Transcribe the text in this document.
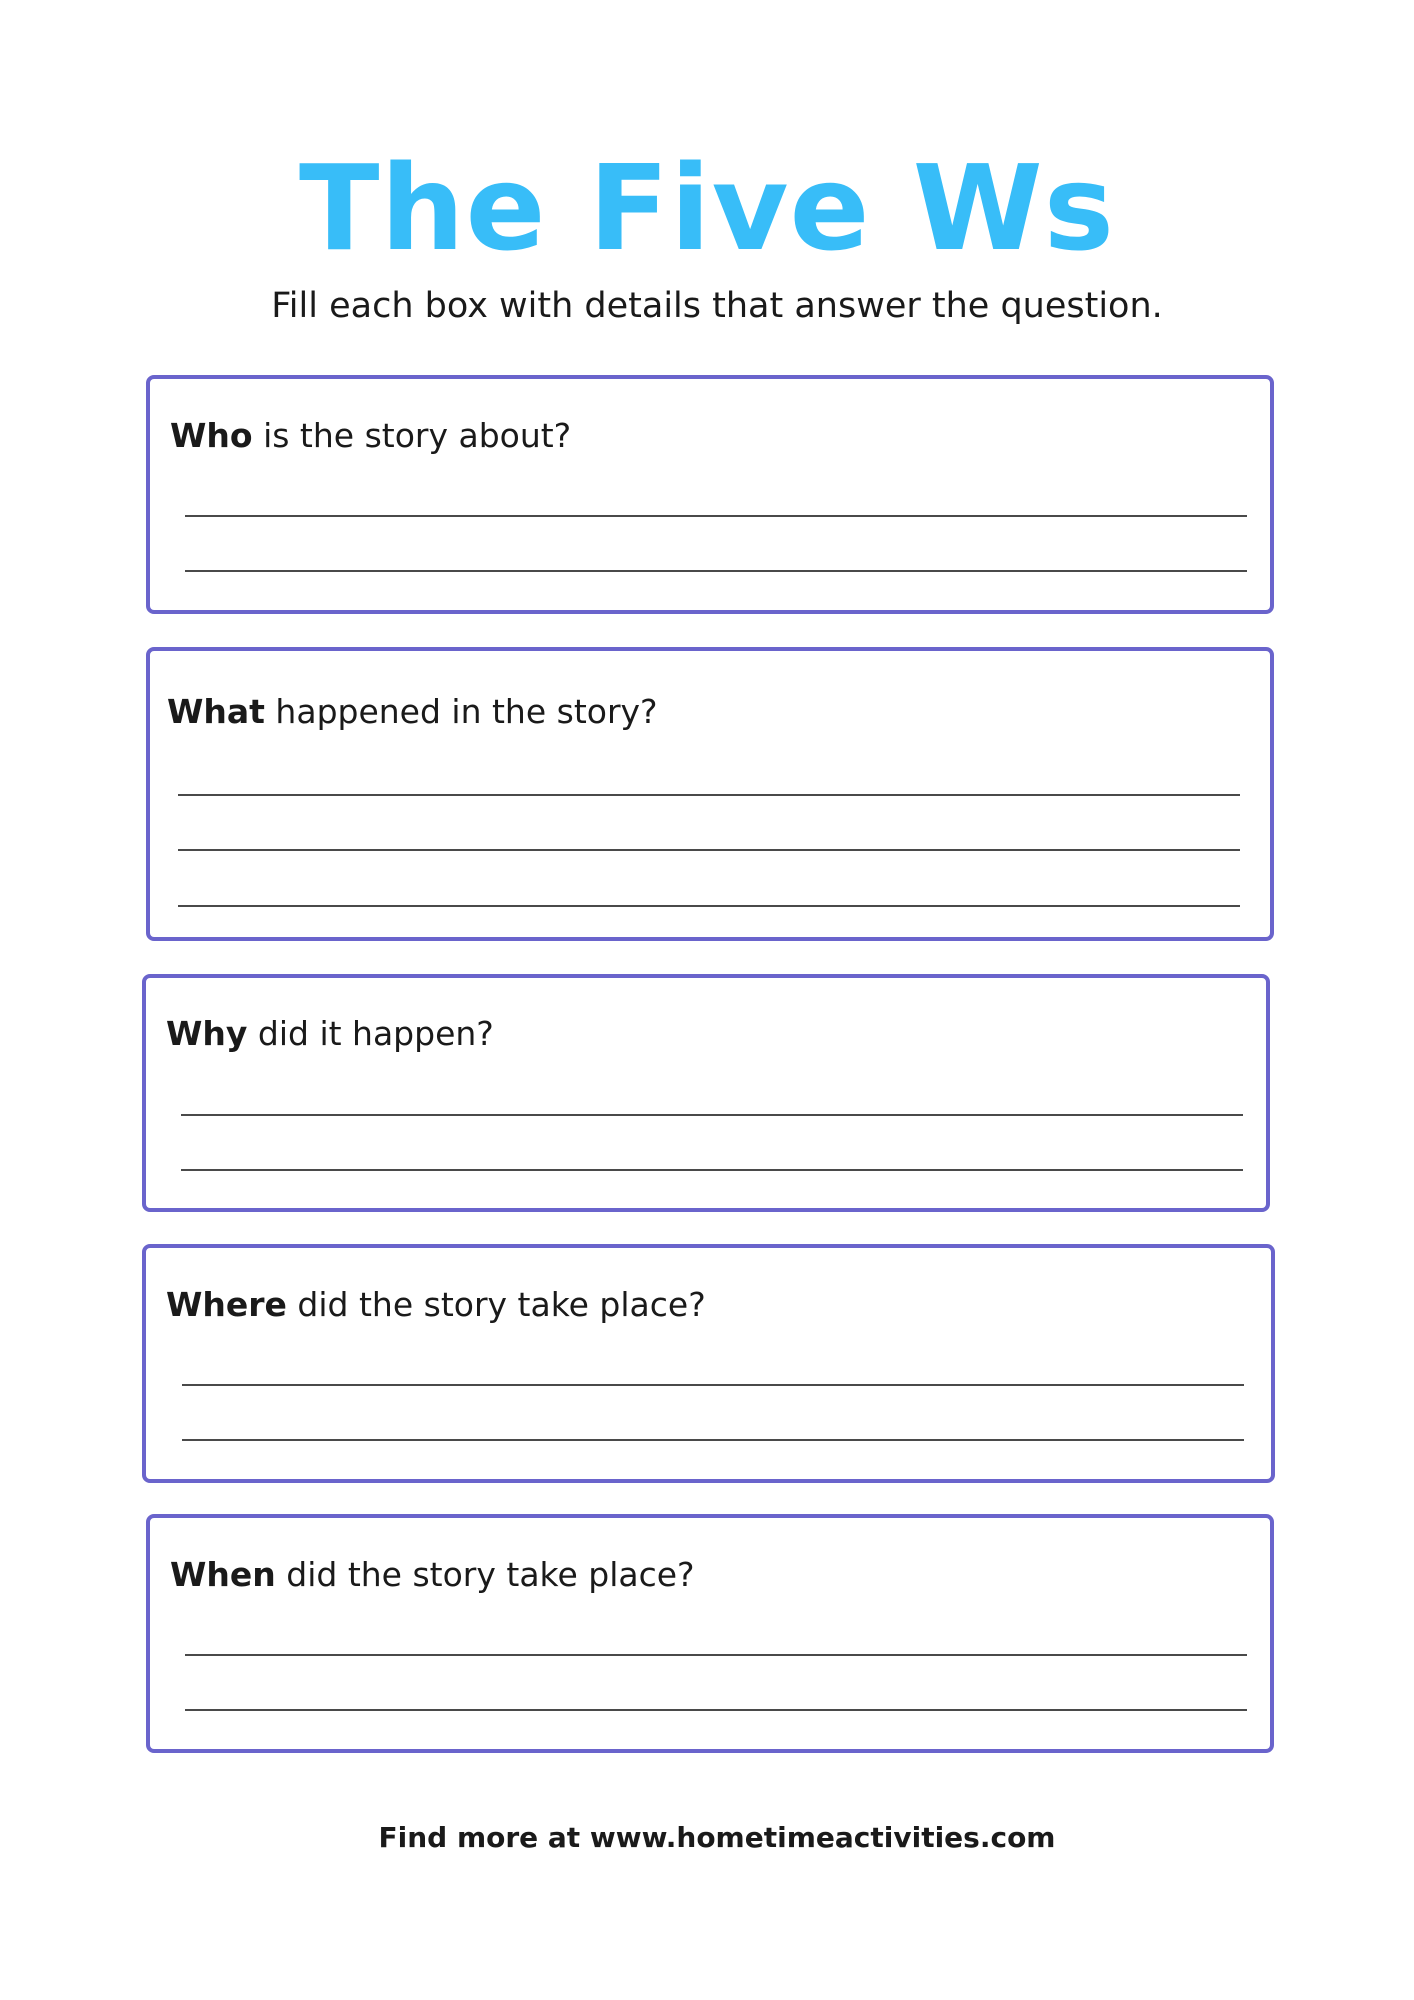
The Five Ws
Fill each box with details that answer the question.
Who is the story about?
What happened in the story?
Why did it happen?
Where did the story take place?
When did the story take place?
Find more at www.hometimeactivities.com
